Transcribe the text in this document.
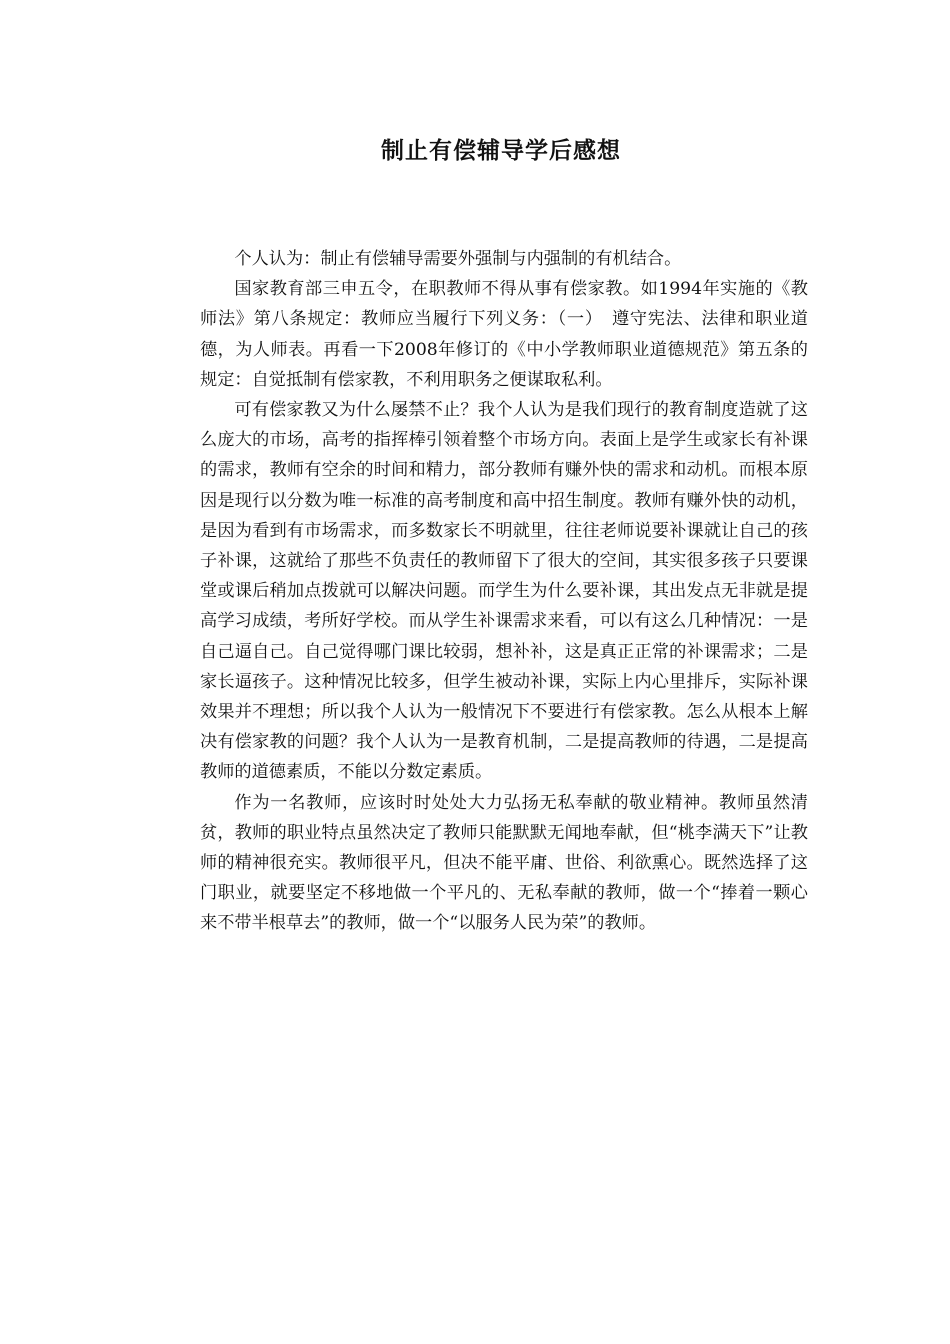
制止有偿辅导学后感想

个人认为：制止有偿辅导需要外强制与内强制的有机结合。

国家教育部三申五令，在职教师不得从事有偿家教。如1994年实施的《教师法》第八条规定：教师应当履行下列义务：（一）　遵守宪法、法律和职业道德，为人师表。再看一下2008年修订的《中小学教师职业道德规范》第五条的规定：自觉抵制有偿家教，不利用职务之便谋取私利。

可有偿家教又为什么屡禁不止？我个人认为是我们现行的教育制度造就了这么庞大的市场，高考的指挥棒引领着整个市场方向。表面上是学生或家长有补课的需求，教师有空余的时间和精力，部分教师有赚外快的需求和动机。而根本原因是现行以分数为唯一标准的高考制度和高中招生制度。教师有赚外快的动机，是因为看到有市场需求，而多数家长不明就里，往往老师说要补课就让自己的孩子补课，这就给了那些不负责任的教师留下了很大的空间，其实很多孩子只要课堂或课后稍加点拨就可以解决问题。而学生为什么要补课，其出发点无非就是提高学习成绩，考所好学校。而从学生补课需求来看，可以有这么几种情况：一是自己逼自己。自己觉得哪门课比较弱，想补补，这是真正正常的补课需求；二是家长逼孩子。这种情况比较多，但学生被动补课，实际上内心里排斥，实际补课效果并不理想；所以我个人认为一般情况下不要进行有偿家教。怎么从根本上解决有偿家教的问题？我个人认为一是教育机制，二是提高教师的待遇，二是提高教师的道德素质，不能以分数定素质。

作为一名教师，应该时时处处大力弘扬无私奉献的敬业精神。教师虽然清贫，教师的职业特点虽然决定了教师只能默默无闻地奉献，但“桃李满天下”让教师的精神很充实。教师很平凡，但决不能平庸、世俗、利欲熏心。既然选择了这门职业，就要坚定不移地做一个平凡的、无私奉献的教师，做一个“捧着一颗心来不带半根草去”的教师，做一个“以服务人民为荣”的教师。
